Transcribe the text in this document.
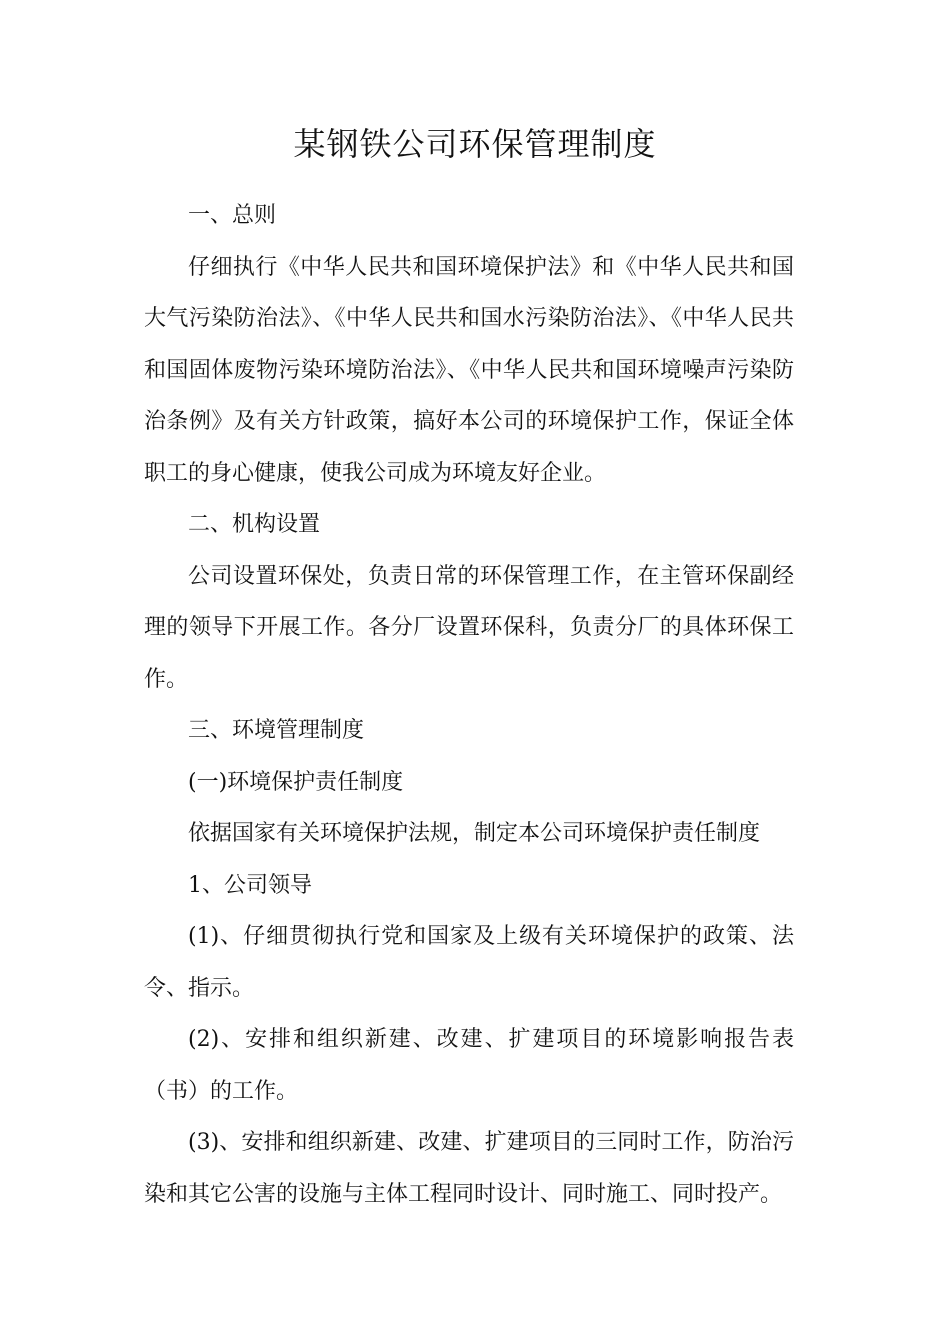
某钢铁公司环保管理制度

一、总则

仔细执行《中华人民共和国环境保护法》和《中华人民共和国大气污染防治法》、《中华人民共和国水污染防治法》、《中华人民共和国固体废物污染环境防治法》、《中华人民共和国环境噪声污染防治条例》及有关方针政策，搞好本公司的环境保护工作，保证全体职工的身心健康，使我公司成为环境友好企业。

二、机构设置

公司设置环保处，负责日常的环保管理工作，在主管环保副经理的领导下开展工作。各分厂设置环保科，负责分厂的具体环保工作。

三、环境管理制度

(一)环境保护责任制度

依据国家有关环境保护法规，制定本公司环境保护责任制度

1、公司领导

(1)、仔细贯彻执行党和国家及上级有关环境保护的政策、法令、指示。

(2)、安排和组织新建、改建、扩建项目的环境影响报告表（书）的工作。

(3)、安排和组织新建、改建、扩建项目的三同时工作，防治污染和其它公害的设施与主体工程同时设计、同时施工、同时投产。
